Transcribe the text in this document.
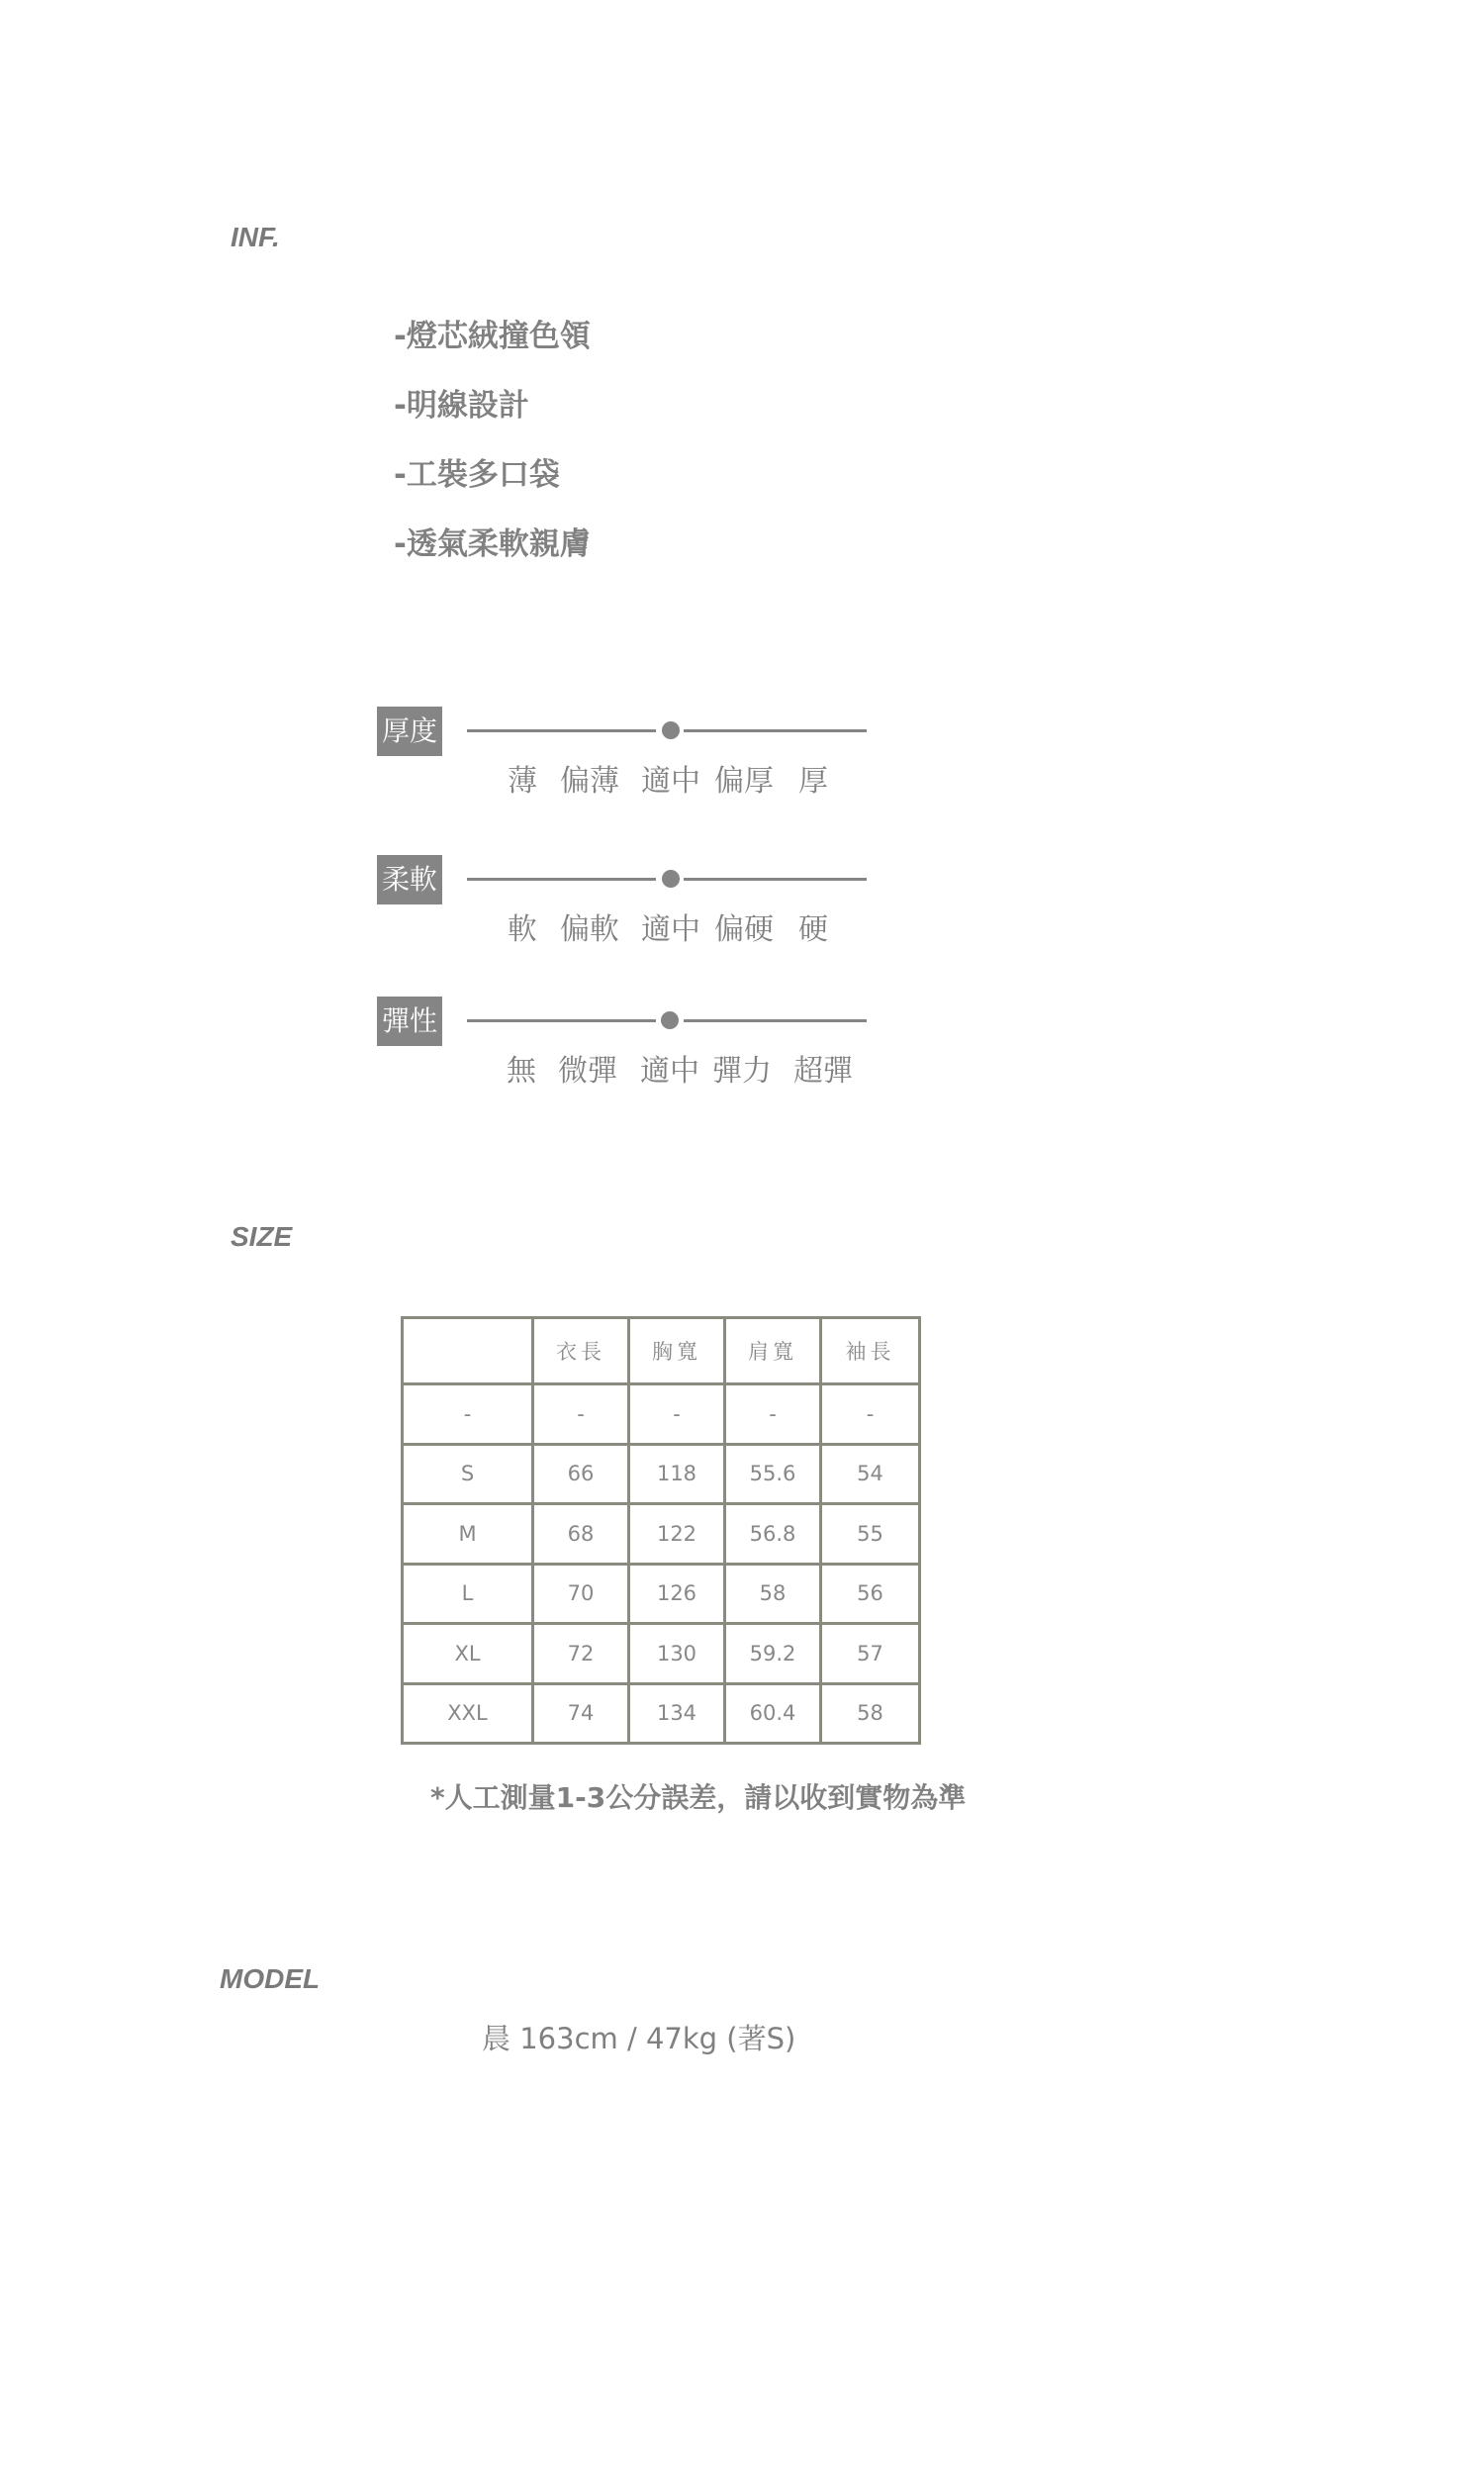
INF.
-燈芯絨撞色領
-明線設計
-工裝多口袋
-透氣柔軟親膚
厚度
薄 偏薄 適中 偏厚 厚
柔軟
軟 偏軟 適中 偏硬 硬
彈性
無 微彈 適中 彈力 超彈
SIZE
	衣長	胸寬	肩寬	袖長
-	-	-	-	-
S	66	118	55.6	54
M	68	122	56.8	55
L	70	126	58	56
XL	72	130	59.2	57
XXL	74	134	60.4	58
*人工測量1-3公分誤差，請以收到實物為準
MODEL
晨 163cm / 47kg (著S)
